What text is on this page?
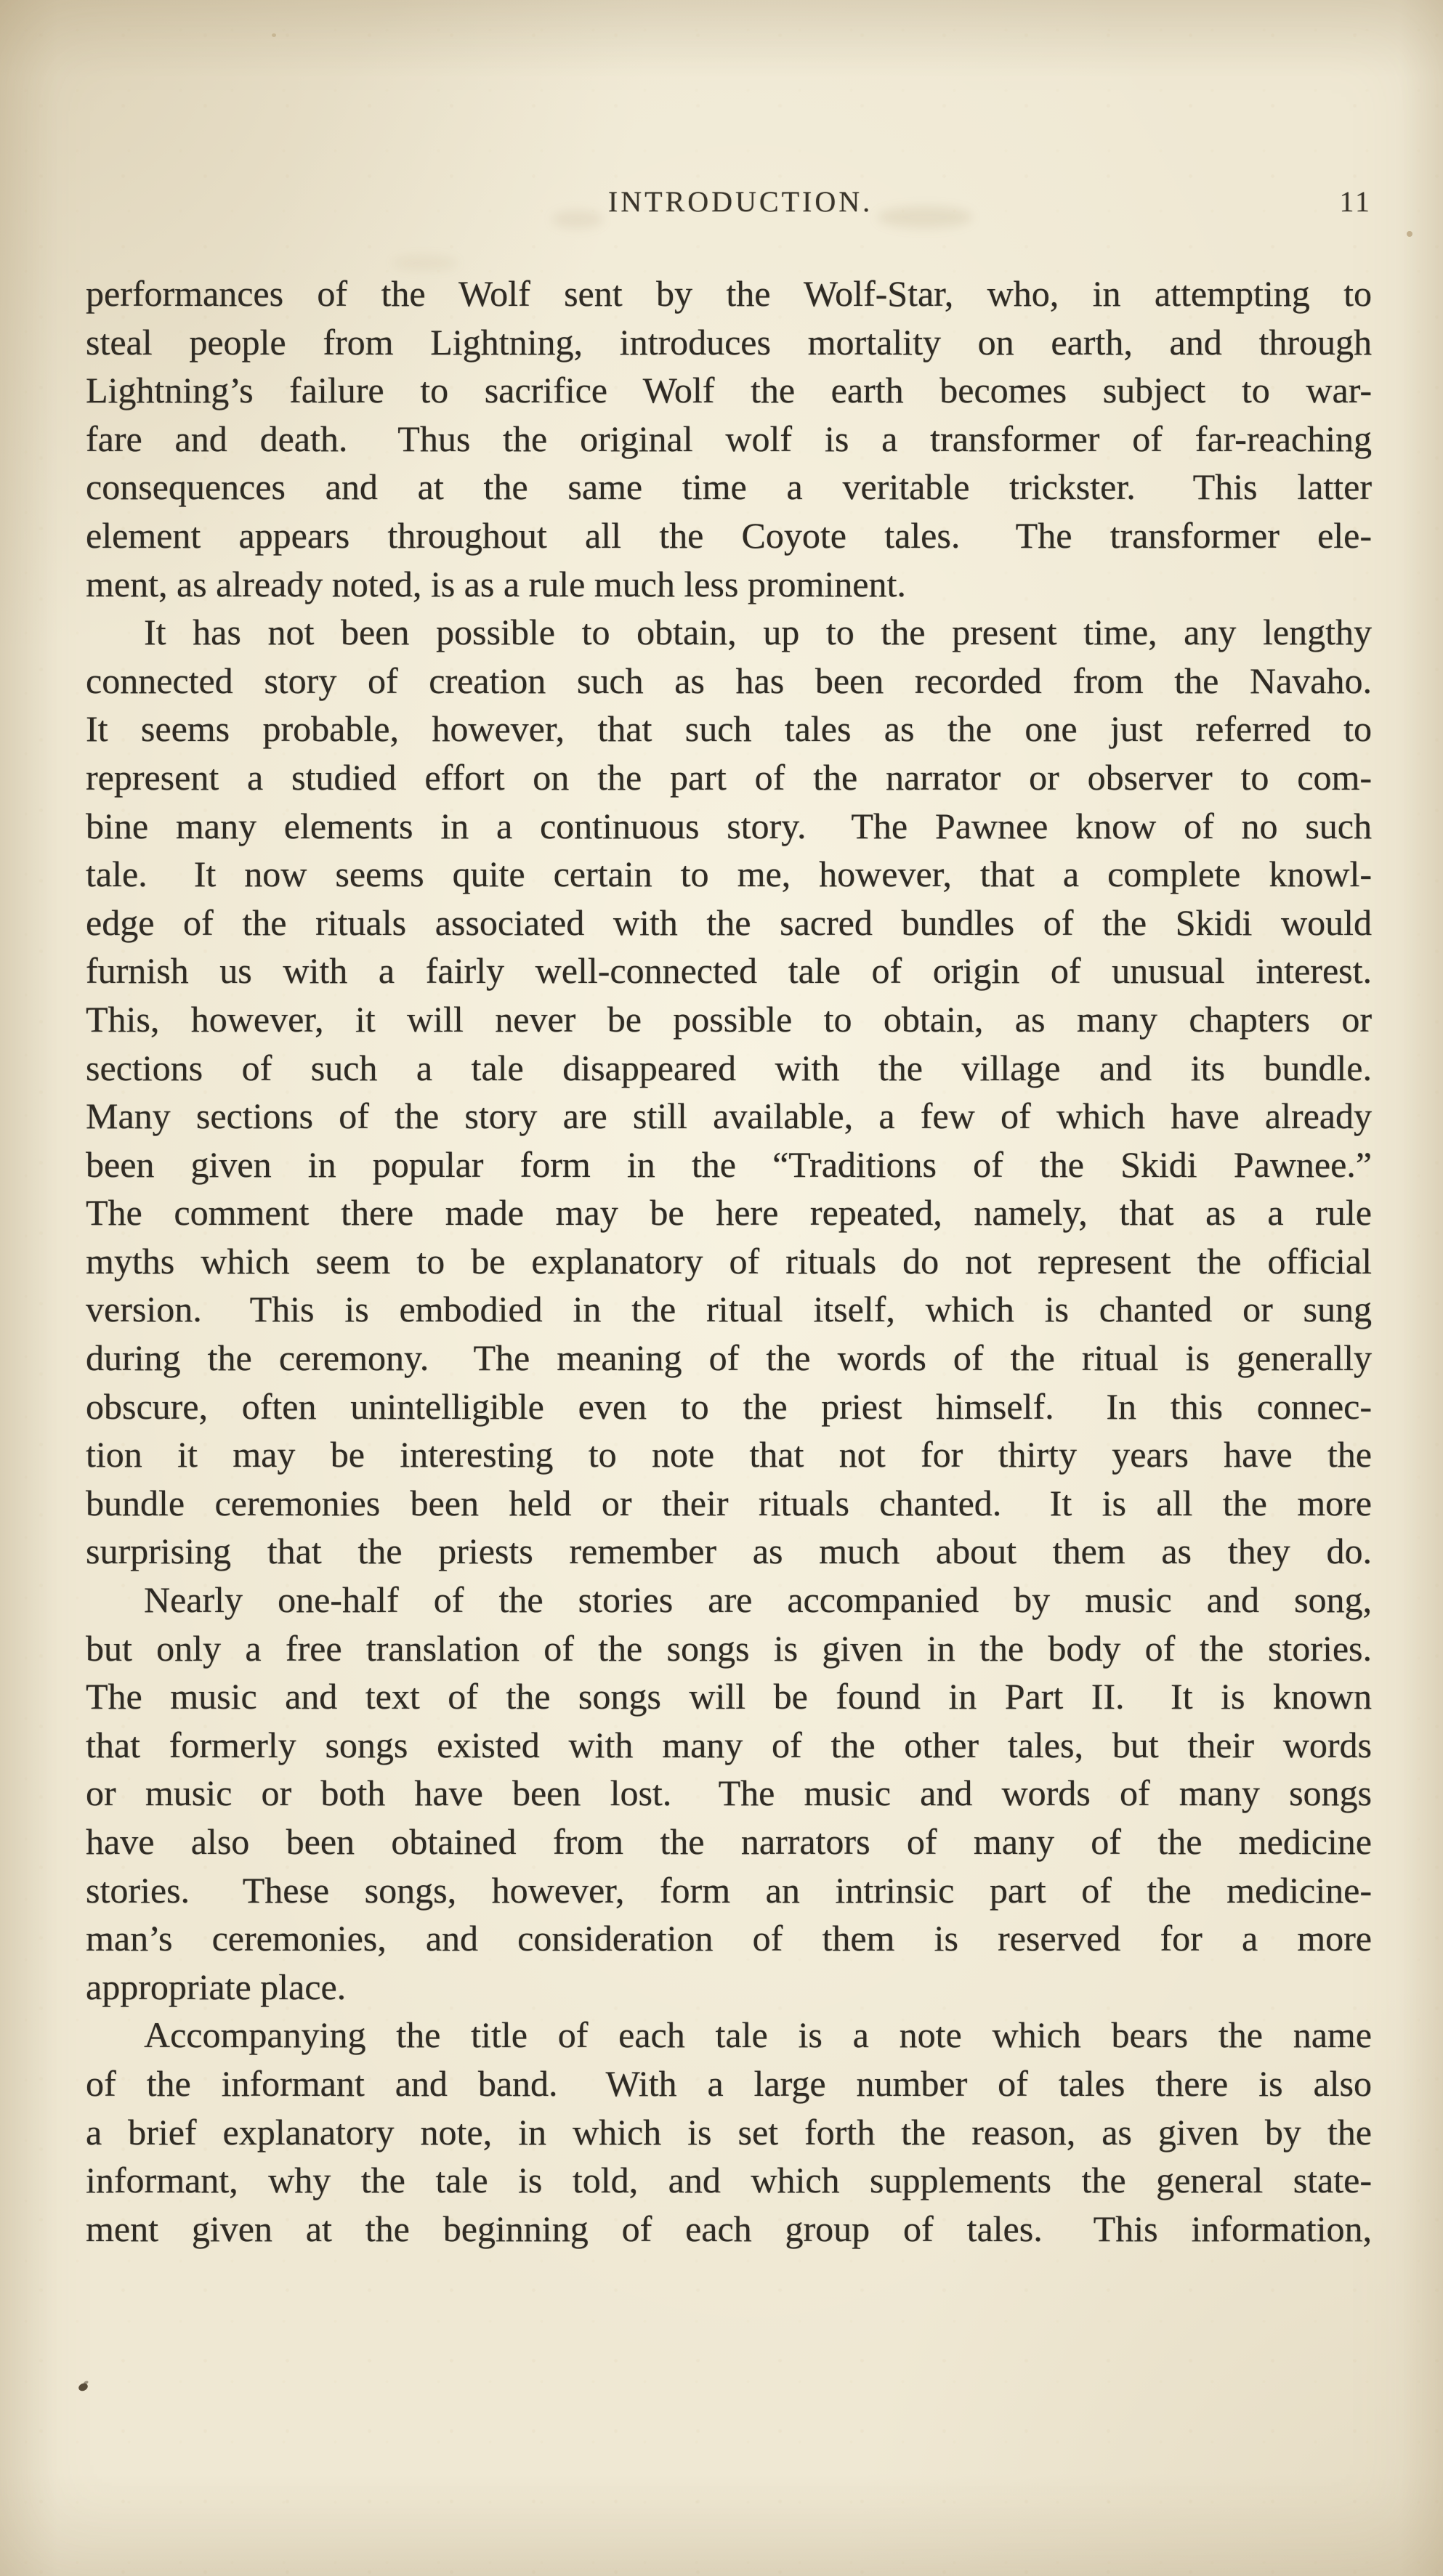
INTRODUCTION.	11
performances of the Wolf sent by the Wolf-Star, who, in attempting to
steal people from Lightning, introduces mortality on earth, and through
Lightning’s failure to sacrifice Wolf the earth becomes subject to war-
fare and death.  Thus the original wolf is a transformer of far-reaching
consequences and at the same time a veritable trickster.  This latter
element appears throughout all the Coyote tales.  The transformer ele-
ment, as already noted, is as a rule much less prominent.
It has not been possible to obtain, up to the present time, any lengthy
connected story of creation such as has been recorded from the Navaho.
It seems probable, however, that such tales as the one just referred to
represent a studied effort on the part of the narrator or observer to com-
bine many elements in a continuous story.  The Pawnee know of no such
tale.  It now seems quite certain to me, however, that a complete knowl-
edge of the rituals associated with the sacred bundles of the Skidi would
furnish us with a fairly well-connected tale of origin of unusual interest.
This, however, it will never be possible to obtain, as many chapters or
sections of such a tale disappeared with the village and its bundle.
Many sections of the story are still available, a few of which have already
been given in popular form in the “Traditions of the Skidi Pawnee.”
The comment there made may be here repeated, namely, that as a rule
myths which seem to be explanatory of rituals do not represent the official
version.  This is embodied in the ritual itself, which is chanted or sung
during the ceremony.  The meaning of the words of the ritual is generally
obscure, often unintelligible even to the priest himself.  In this connec-
tion it may be interesting to note that not for thirty years have the
bundle ceremonies been held or their rituals chanted.  It is all the more
surprising that the priests remember as much about them as they do.
Nearly one-half of the stories are accompanied by music and song,
but only a free translation of the songs is given in the body of the stories.
The music and text of the songs will be found in Part II.  It is known
that formerly songs existed with many of the other tales, but their words
or music or both have been lost.  The music and words of many songs
have also been obtained from the narrators of many of the medicine
stories.  These songs, however, form an intrinsic part of the medicine-
man’s ceremonies, and consideration of them is reserved for a more
appropriate place.
Accompanying the title of each tale is a note which bears the name
of the informant and band.  With a large number of tales there is also
a brief explanatory note, in which is set forth the reason, as given by the
informant, why the tale is told, and which supplements the general state-
ment given at the beginning of each group of tales.  This information,
